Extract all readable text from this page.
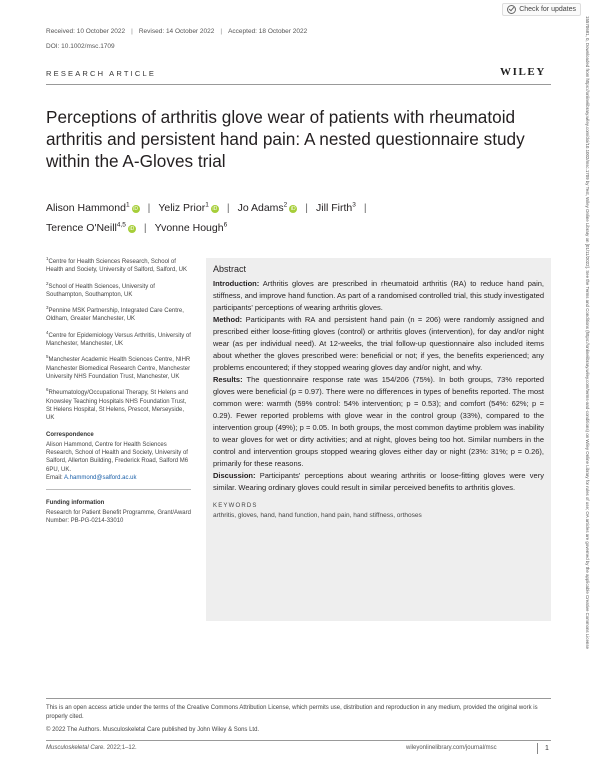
Received: 10 October 2022 | Revised: 14 October 2022 | Accepted: 18 October 2022
DOI: 10.1002/msc.1709
Check for updates
RESEARCH ARTICLE	WILEY
Perceptions of arthritis glove wear of patients with rheumatoid arthritis and persistent hand pain: A nested questionnaire study within the A-Gloves trial
Alison Hammond$^1$iD | Yeliz Prior$^1$iD | Jo Adams$^2$iD | Jill Firth$^3$ |
Terence O'Neill$^{4,5}$iD | Yvonne Hough$^6$
$^1$Centre for Health Sciences Research, School of Health and Society, University of Salford, Salford, UK
$^2$School of Health Sciences, University of Southampton, Southampton, UK
$^3$Pennine MSK Partnership, Integrated Care Centre, Oldham, Greater Manchester, UK
$^4$Centre for Epidemiology Versus Arthritis, University of Manchester, Manchester, UK
$^5$Manchester Academic Health Sciences Centre, NIHR Manchester Biomedical Research Centre, Manchester University NHS Foundation Trust, Manchester, UK
$^6$Rheumatology/Occupational Therapy, St Helens and Knowsley Teaching Hospitals NHS Foundation Trust, St Helens Hospital, St Helens, Prescot, Merseyside, UK
Correspondence
Alison Hammond, Centre for Health Sciences Research, School of Health and Society, University of Salford, Allerton Building, Frederick Road, Salford M6 6PU, UK.
Email: A.hammond@salford.ac.uk
Funding information
Research for Patient Benefit Programme, Grant/Award Number: PB-PG-0214-33010
Abstract

Introduction: Arthritis gloves are prescribed in rheumatoid arthritis (RA) to reduce hand pain, stiffness, and improve hand function. As part of a randomised controlled trial, this study investigated participants' perceptions of wearing arthritis gloves.

Method: Participants with RA and persistent hand pain (n = 206) were randomly assigned and prescribed either loose-fitting gloves (control) or arthritis gloves (intervention), for day and/or night wear (as per individual need). At 12-weeks, the trial follow-up questionnaire also included items about whether the gloves prescribed were: beneficial or not; if yes, the benefits experienced; any problems encountered; if they stopped wearing gloves day and/or night, and why.

Results: The questionnaire response rate was 154/206 (75%). In both groups, 73% reported gloves were beneficial (p = 0.97). There were no differences in types of benefits reported. The most common were: warmth (59% control: 54% intervention; p = 0.53); and comfort (54%: 62%; p = 0.29). Fewer reported problems with glove wear in the control group (33%), compared to the intervention group (49%); p = 0.05. In both groups, the most common daytime problem was inability to wear gloves for wet or dirty activities; and at night, gloves being too hot. Similar numbers in the control and intervention groups stopped wearing gloves either day or night (23%: 31%; p = 0.26), primarily for these reasons.

Discussion: Participants' perceptions about wearing arthritis or loose-fitting gloves were very similar. Wearing ordinary gloves could result in similar perceived benefits to arthritis gloves.

KEYWORDS
arthritis, gloves, hand, hand function, hand pain, hand stiffness, orthoses
This is an open access article under the terms of the Creative Commons Attribution License, which permits use, distribution and reproduction in any medium, provided the original work is properly cited.
© 2022 The Authors. Musculoskeletal Care published by John Wiley & Sons Ltd.
Musculoskeletal Care. 2022;1–12.	wileyonlinelibrary.com/journal/msc	1
15570681, 0, Downloaded from https://onlinelibrary.wiley.com/doi/10.1002/msc.1709 by Test, Wiley Online Library on [01/11/2022]. See the Terms and Conditions (https://onlinelibrary.wiley.com/terms-and-conditions) on Wiley Online Library for rules of use; OA articles are governed by the applicable Creative Commons License
